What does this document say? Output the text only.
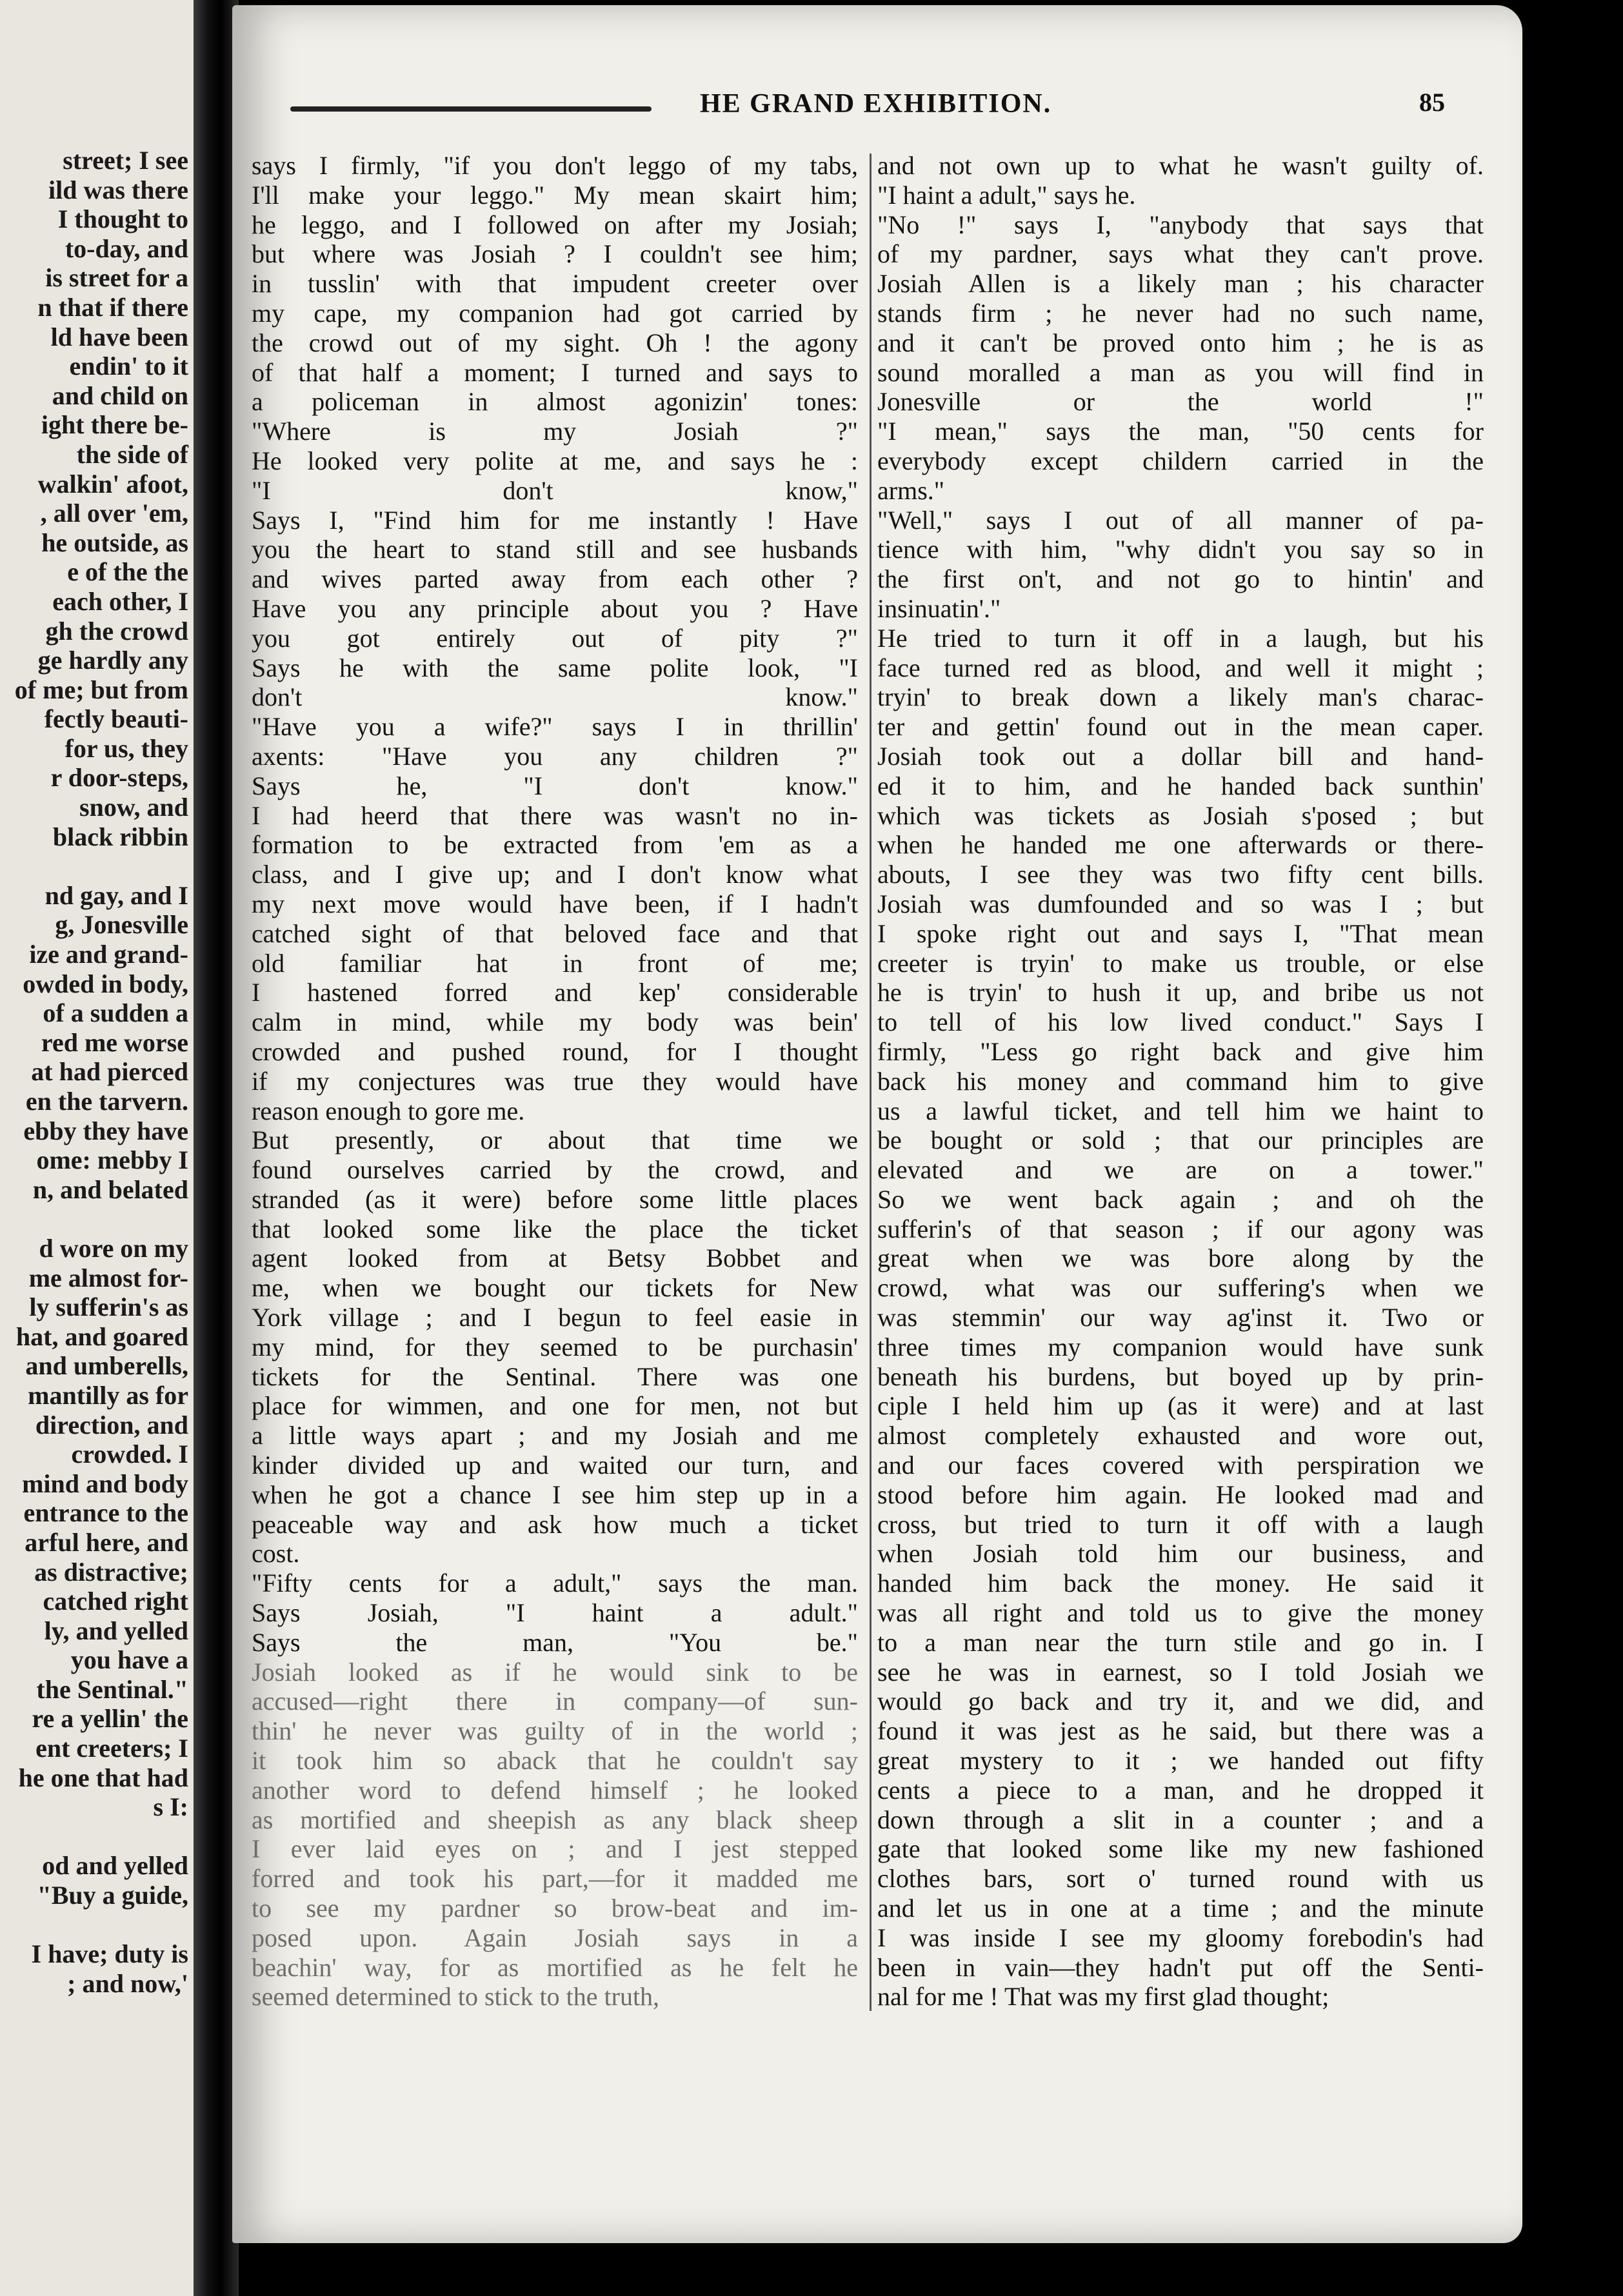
street; I see
ild was there
I thought to
to-day, and
is street for a
n that if there
ld have been
endin' to it
and child on
ight there be-
the side of
walkin' afoot,
, all over 'em,
he outside, as
e of the the
each other, I
gh the crowd
ge hardly any
of me; but from
fectly beauti-
for us, they
r door-steps,
snow, and
black ribbin
nd gay, and I
g, Jonesville
ize and grand-
owded in body,
of a sudden a
red me worse
at had pierced
en the tarvern.
ebby they have
ome: mebby I
n, and belated
d wore on my
me almost for-
ly sufferin's as
hat, and goared
and umberells,
mantilly as for
direction, and
crowded. I
mind and body
entrance to the
arful here, and
as distractive;
catched right
ly, and yelled
you have a
the Sentinal."
re a yellin' the
ent creeters; I
he one that had
s I:
od and yelled
"Buy a guide,
I have; duty is
; and now,'
HE GRAND EXHIBITION.	85
says I firmly, "if you don't leggo of my tabs,
I'll make your leggo." My mean skairt him;
he leggo, and I followed on after my Josiah;
but where was Josiah ? I couldn't see him;
in tusslin' with that impudent creeter over
my cape, my companion had got carried by
the crowd out of my sight. Oh ! the agony
of that half a moment; I turned and says to
a policeman in almost agonizin' tones:
"Where is my Josiah ?"
He looked very polite at me, and says he :
"I don't know,"
Says I, "Find him for me instantly ! Have
you the heart to stand still and see husbands
and wives parted away from each other ?
Have you any principle about you ? Have
you got entirely out of pity ?"
Says he with the same polite look, "I
don't know."
"Have you a wife?" says I in thrillin'
axents: "Have you any children ?"
Says he, "I don't know."
I had heerd that there was wasn't no in-
formation to be extracted from 'em as a
class, and I give up; and I don't know what
my next move would have been, if I hadn't
catched sight of that beloved face and that
old familiar hat in front of me;
I hastened forred and kep' considerable
calm in mind, while my body was bein'
crowded and pushed round, for I thought
if my conjectures was true they would have
reason enough to gore me.
But presently, or about that time we
found ourselves carried by the crowd, and
stranded (as it were) before some little places
that looked some like the place the ticket
agent looked from at Betsy Bobbet and
me, when we bought our tickets for New
York village ; and I begun to feel easie in
my mind, for they seemed to be purchasin'
tickets for the Sentinal. There was one
place for wimmen, and one for men, not but
a little ways apart ; and my Josiah and me
kinder divided up and waited our turn, and
when he got a chance I see him step up in a
peaceable way and ask how much a ticket
cost.
"Fifty cents for a adult," says the man.
Says Josiah, "I haint a adult."
Says the man, "You be."
Josiah looked as if he would sink to be
accused—right there in company—of sun-
thin' he never was guilty of in the world ;
it took him so aback that he couldn't say
another word to defend himself ; he looked
as mortified and sheepish as any black sheep
I ever laid eyes on ; and I jest stepped
forred and took his part,—for it madded me
to see my pardner so brow-beat and im-
posed upon. Again Josiah says in a
beachin' way, for as mortified as he felt he
seemed determined to stick to the truth,
and not own up to what he wasn't guilty of.
"I haint a adult," says he.
"No !" says I, "anybody that says that
of my pardner, says what they can't prove.
Josiah Allen is a likely man ; his character
stands firm ; he never had no such name,
and it can't be proved onto him ; he is as
sound moralled a man as you will find in
Jonesville or the world !"
"I mean," says the man, "50 cents for
everybody except childern carried in the
arms."
"Well," says I out of all manner of pa-
tience with him, "why didn't you say so in
the first on't, and not go to hintin' and
insinuatin'."
He tried to turn it off in a laugh, but his
face turned red as blood, and well it might ;
tryin' to break down a likely man's charac-
ter and gettin' found out in the mean caper.
Josiah took out a dollar bill and hand-
ed it to him, and he handed back sunthin'
which was tickets as Josiah s'posed ; but
when he handed me one afterwards or there-
abouts, I see they was two fifty cent bills.
Josiah was dumfounded and so was I ; but
I spoke right out and says I, "That mean
creeter is tryin' to make us trouble, or else
he is tryin' to hush it up, and bribe us not
to tell of his low lived conduct." Says I
firmly, "Less go right back and give him
back his money and command him to give
us a lawful ticket, and tell him we haint to
be bought or sold ; that our principles are
elevated and we are on a tower."
So we went back again ; and oh the
sufferin's of that season ; if our agony was
great when we was bore along by the
crowd, what was our suffering's when we
was stemmin' our way ag'inst it. Two or
three times my companion would have sunk
beneath his burdens, but boyed up by prin-
ciple I held him up (as it were) and at last
almost completely exhausted and wore out,
and our faces covered with perspiration we
stood before him again. He looked mad and
cross, but tried to turn it off with a laugh
when Josiah told him our business, and
handed him back the money. He said it
was all right and told us to give the money
to a man near the turn stile and go in. I
see he was in earnest, so I told Josiah we
would go back and try it, and we did, and
found it was jest as he said, but there was a
great mystery to it ; we handed out fifty
cents a piece to a man, and he dropped it
down through a slit in a counter ; and a
gate that looked some like my new fashioned
clothes bars, sort o' turned round with us
and let us in one at a time ; and the minute
I was inside I see my gloomy forebodin's had
been in vain—they hadn't put off the Senti-
nal for me ! That was my first glad thought;
